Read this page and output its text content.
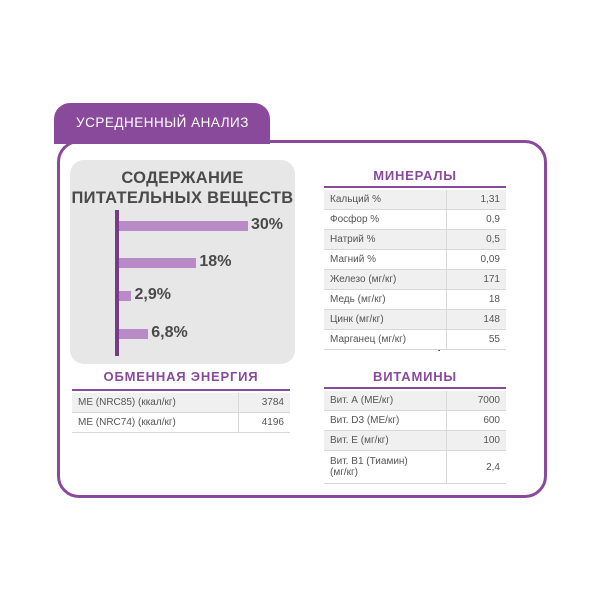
УСРЕДНЕННЫЙ АНАЛИЗ
СОДЕРЖАНИЕ
ПИТАТЕЛЬНЫХ ВЕЩЕСТВ
30%
18%
2,9%
6,8%
ОБМЕННАЯ ЭНЕРГИЯ
ME (NRC85) (ккал/кг)	3784
ME (NRC74) (ккал/кг)	4196
МИНЕРАЛЫ
Кальций %	1,31
Фосфор %	0,9
Натрий %	0,5
Магний %	0,09
Железо (мг/кг)	171
Медь (мг/кг)	18
Цинк (мг/кг)	148
Марганец (мг/кг)	55
ВИТАМИНЫ
Вит. А (МЕ/кг)	7000
Вит. D3 (МЕ/кг)	600
Вит. Е (мг/кг)	100

Вит. В1 (Тиамин)
(мг/кг)	2,4
